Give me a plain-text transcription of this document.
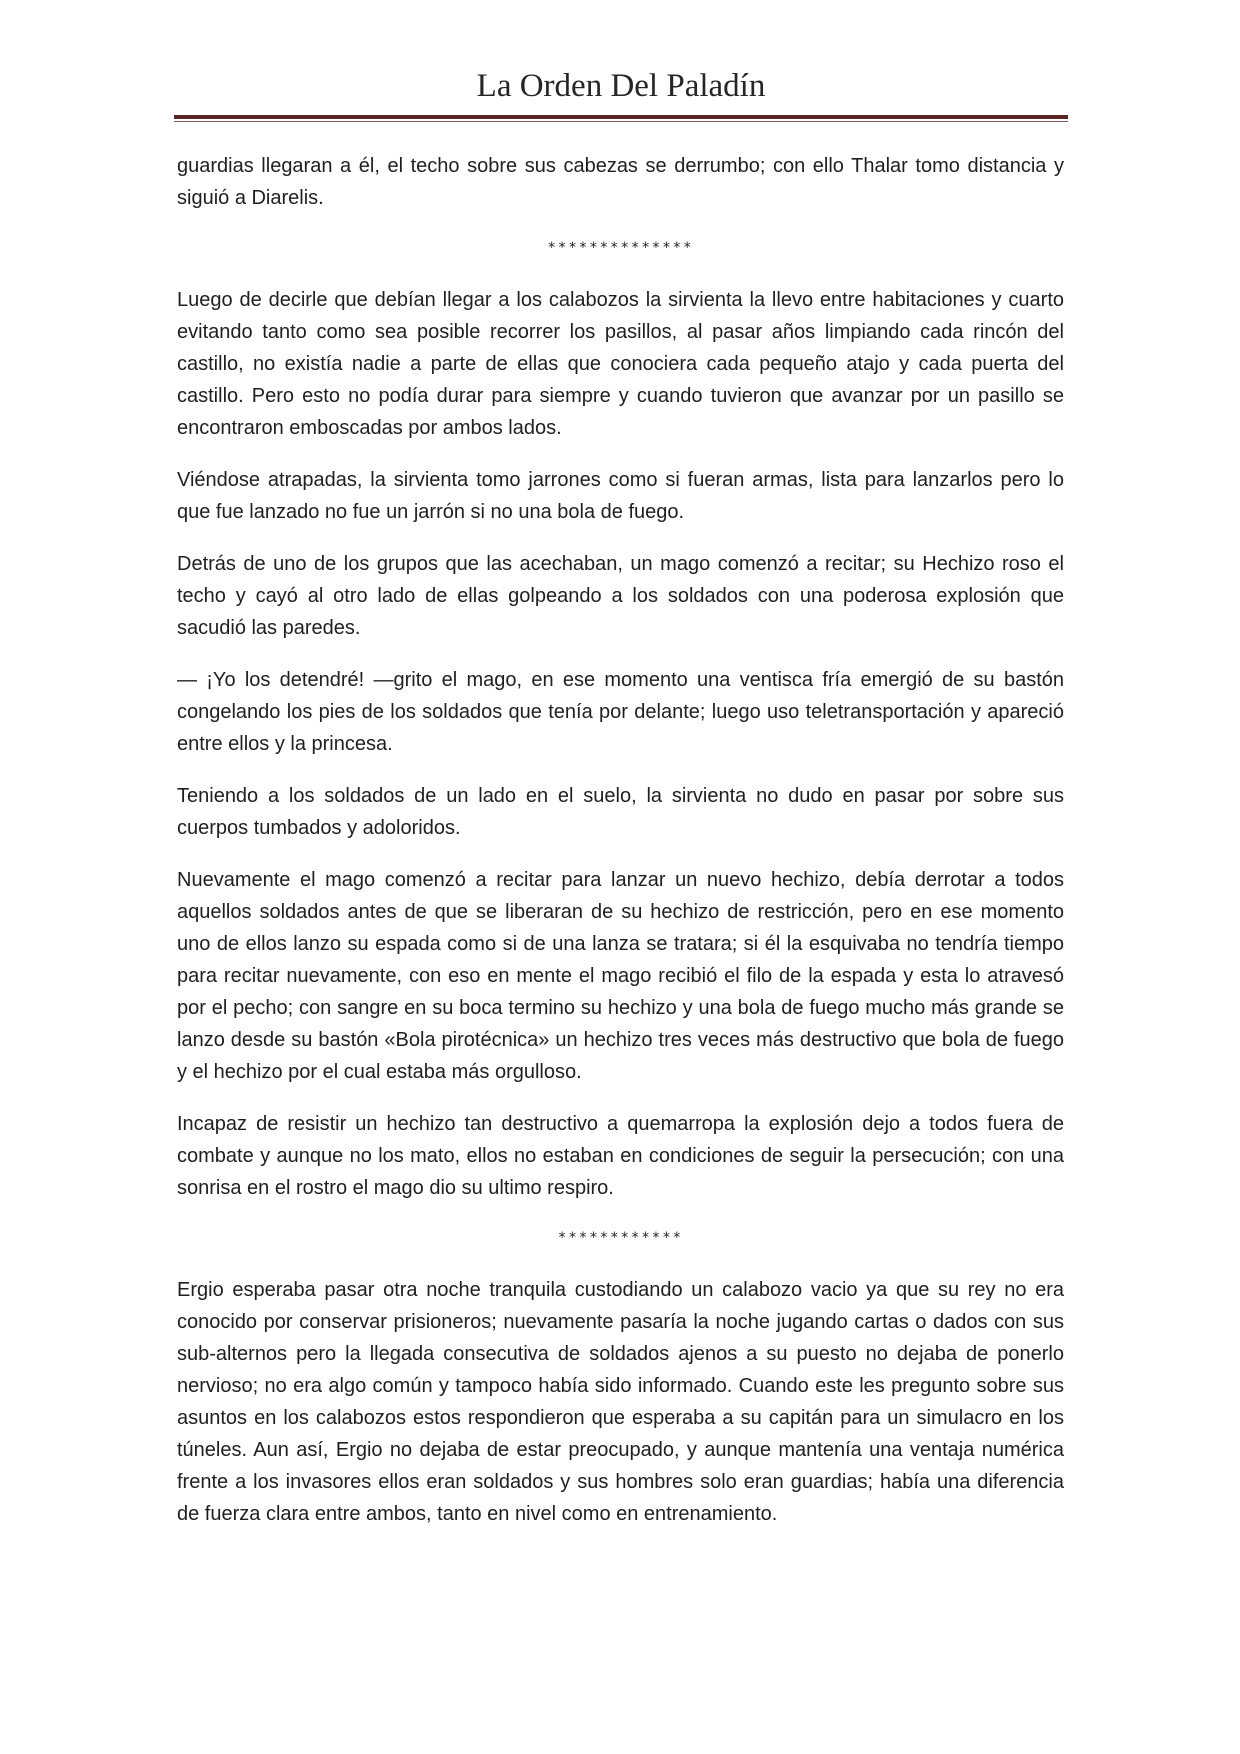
La Orden Del Paladín

guardias llegaran a él, el techo sobre sus cabezas se derrumbo; con ello Thalar tomo distancia y siguió a Diarelis.

**************

Luego de decirle que debían llegar a los calabozos la sirvienta la llevo entre habitaciones y cuarto evitando tanto como sea posible recorrer los pasillos, al pasar años limpiando cada rincón del castillo, no existía nadie a parte de ellas que conociera cada pequeño atajo y cada puerta del castillo. Pero esto no podía durar para siempre y cuando tuvieron que avanzar por un pasillo se encontraron emboscadas por ambos lados.

Viéndose atrapadas, la sirvienta tomo jarrones como si fueran armas, lista para lanzarlos pero lo que fue lanzado no fue un jarrón si no una bola de fuego.

Detrás de uno de los grupos que las acechaban, un mago comenzó a recitar; su Hechizo roso el techo y cayó al otro lado de ellas golpeando a los soldados con una poderosa explosión que sacudió las paredes.

— ¡Yo los detendré! —grito el mago, en ese momento una ventisca fría emergió de su bastón congelando los pies de los soldados que tenía por delante; luego uso teletransportación y apareció entre ellos y la princesa.

Teniendo a los soldados de un lado en el suelo, la sirvienta no dudo en pasar por sobre sus cuerpos tumbados y adoloridos.

Nuevamente el mago comenzó a recitar para lanzar un nuevo hechizo, debía derrotar a todos aquellos soldados antes de que se liberaran de su hechizo de restricción, pero en ese momento uno de ellos lanzo su espada como si de una lanza se tratara; si él la esquivaba no tendría tiempo para recitar nuevamente, con eso en mente el mago recibió el filo de la espada y esta lo atravesó por el pecho; con sangre en su boca termino su hechizo y una bola de fuego mucho más grande se lanzo desde su bastón «Bola pirotécnica» un hechizo tres veces más destructivo que bola de fuego y el hechizo por el cual estaba más orgulloso.

Incapaz de resistir un hechizo tan destructivo a quemarropa la explosión dejo a todos fuera de combate y aunque no los mato, ellos no estaban en condiciones de seguir la persecución; con una sonrisa en el rostro el mago dio su ultimo respiro.

************

Ergio esperaba pasar otra noche tranquila custodiando un calabozo vacio ya que su rey no era conocido por conservar prisioneros; nuevamente pasaría la noche jugando cartas o dados con sus sub-alternos pero la llegada consecutiva de soldados ajenos a su puesto no dejaba de ponerlo nervioso; no era algo común y tampoco había sido informado. Cuando este les pregunto sobre sus asuntos en los calabozos estos respondieron que esperaba a su capitán para un simulacro en los túneles. Aun así, Ergio no dejaba de estar preocupado, y aunque mantenía una ventaja numérica frente a los invasores ellos eran soldados y sus hombres solo eran guardias; había una diferencia de fuerza clara entre ambos, tanto en nivel como en entrenamiento.
